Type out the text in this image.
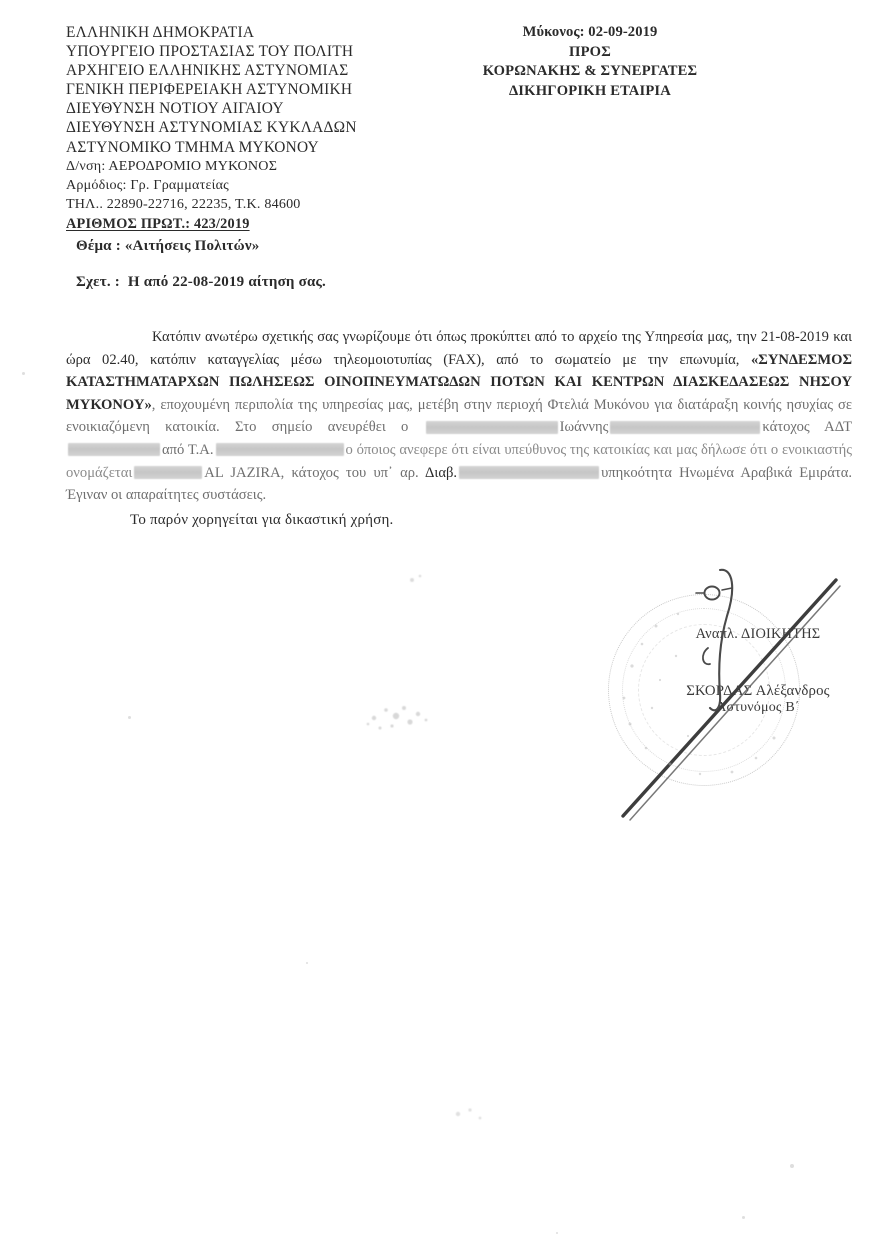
ΕΛΛΗΝΙΚΗ ΔΗΜΟΚΡΑΤΙΑ
ΥΠΟΥΡΓΕΙΟ ΠΡΟΣΤΑΣΙΑΣ ΤΟΥ ΠΟΛΙΤΗ
ΑΡΧΗΓΕΙΟ ΕΛΛΗΝΙΚΗΣ ΑΣΤΥΝΟΜΙΑΣ
ΓΕΝΙΚΗ ΠΕΡΙΦΕΡΕΙΑΚΗ ΑΣΤΥΝΟΜΙΚΗ
ΔΙΕΥΘΥΝΣΗ ΝΟΤΙΟΥ ΑΙΓΑΙΟΥ
ΔΙΕΥΘΥΝΣΗ ΑΣΤΥΝΟΜΙΑΣ ΚΥΚΛΑΔΩΝ
ΑΣΤΥΝΟΜΙΚΟ ΤΜΗΜΑ ΜΥΚΟΝΟΥ
Δ/νση: ΑΕΡΟΔΡΟΜΙΟ ΜΥΚΟΝΟΣ
Αρμόδιος: Γρ. Γραμματείας
ΤΗΛ.. 22890-22716, 22235, Τ.Κ. 84600
ΑΡΙΘΜΟΣ ΠΡΩΤ.: 423/2019
Μύκονος: 02-09-2019
ΠΡΟΣ
ΚΟΡΩΝΑΚΗΣ & ΣΥΝΕΡΓΑΤΕΣ
ΔΙΚΗΓΟΡΙΚΗ ΕΤΑΙΡΙΑ
Θέμα : «Αιτήσεις Πολιτών»
Σχετ. : Η από 22-08-2019 αίτηση σας.

Κατόπιν ανωτέρω σχετικής σας γνωρίζουμε ότι όπως προκύπτει από το αρχείο της Υπηρεσία μας, την 21-08-2019 και ώρα 02.40, κατόπιν καταγγελίας μέσω τηλεομοιοτυπίας (FAX), από το σωματείο με την επωνυμία, «ΣΥΝΔΕΣΜΟΣ ΚΑΤΑΣΤΗΜΑΤΑΡΧΩΝ ΠΩΛΗΣΕΩΣ ΟΙΝΟΠΝΕΥΜΑΤΩΔΩΝ ΠΟΤΩΝ ΚΑΙ ΚΕΝΤΡΩΝ ΔΙΑΣΚΕΔΑΣΕΩΣ ΝΗΣΟΥ ΜΥΚΟΝΟΥ», εποχουμένη περιπολία της υπηρεσίας μας, μετέβη στην περιοχή Φτελιά Μυκόνου για διατάραξη κοινής ησυχίας σε ενοικιαζόμενη κατοικία. Στο σημείο ανευρέθει ο	Ιωάννης	κάτοχος ΑΔΤαπό Τ.Α.	ο όποιος ανεφερε ότι είναι υπεύθυνος της κατοικίας και μας δήλωσε ότι ο ενοικιαστής ονομάζεται	AL JAZIRA, κάτοχος του υπ᾿ αρ. Διαβ.	υπηκοότητα Ηνωμένα Αραβικά Εμιράτα. Έγιναν οι απαραίτητες συστάσεις.

Το παρόν χορηγείται για δικαστική χρήση.
Αναπλ. ΔΙΟΙΚΗΤΗΣ
ΣΚΟΡΔΑΣ Αλέξανδρος
Αστυνόμος Β΄
